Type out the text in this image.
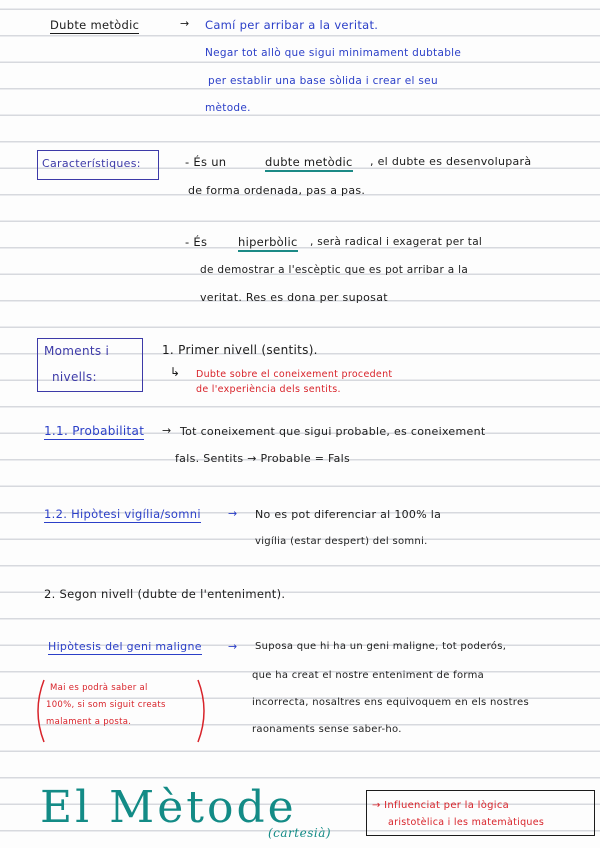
Dubte metòdic	→ Camí per arribar a la veritat.
Negar tot allò que sigui minimament dubtable
per establir una base sòlida i crear el seu
mètode.
Característiques:	- És un	dubte metòdic , el dubte es desenvoluparà
de forma ordenada, pas a pas.
- És	hiperbòlic , serà radical i exagerat per tal
de demostrar a l'escèptic que es pot arribar a la
veritat. Res es dona per suposat
Moments i
nivells:
1. Primer nivell (sentits).
↳ Dubte sobre el coneixement procedent
de l'experiència dels sentits.
1.1. Probabilitat → Tot coneixement que sigui probable, es coneixement
fals. Sentits → Probable = Fals
1.2. Hipòtesi vigília/somni → No es pot diferenciar al 100% la
vigília (estar despert) del somni.
2. Segon nivell (dubte de l'enteniment).
Hipòtesis del geni maligne → Suposa que hi ha un geni maligne, tot poderós,
que ha creat el nostre enteniment de forma
incorrecta, nosaltres ens equivoquem en els nostres
raonaments sense saber-ho.
Mai es podrà saber al
100%, si som siguit creats
malament a posta.
El Mètode
(cartesià)
→ Influenciat per la lògica
aristotèlica i les matemàtiques
